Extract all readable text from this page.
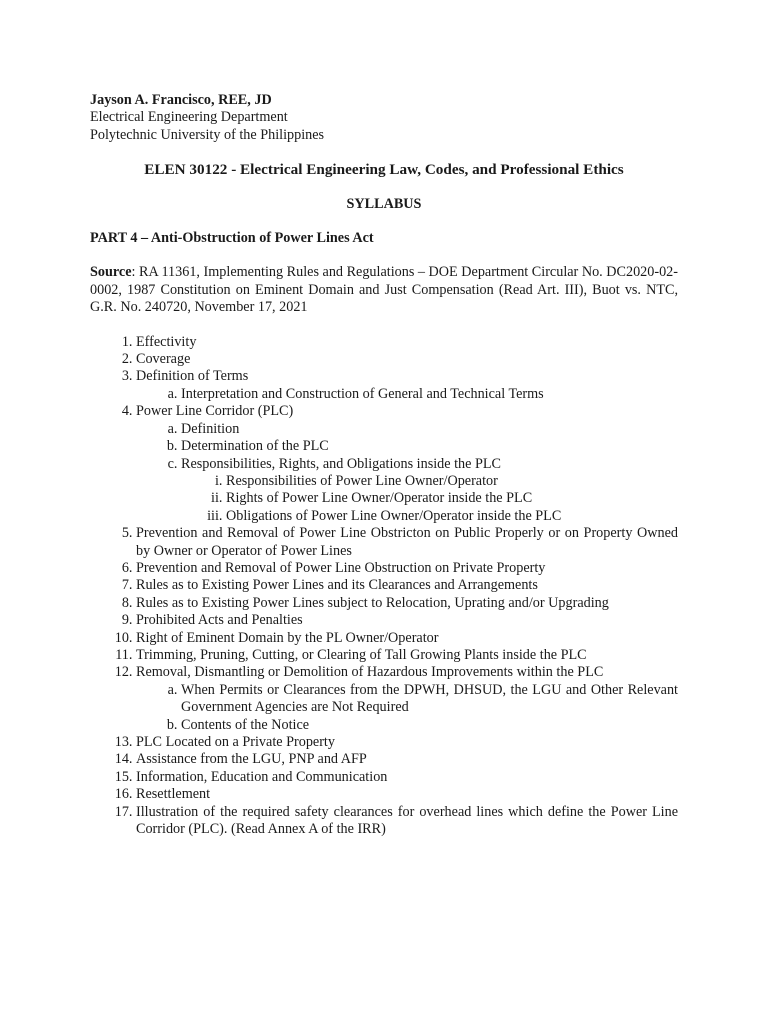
Jayson A. Francisco, REE, JD
Electrical Engineering Department
Polytechnic University of the Philippines
ELEN 30122 - Electrical Engineering Law, Codes, and Professional Ethics
SYLLABUS
PART 4 – Anti-Obstruction of Power Lines Act
Source: RA 11361, Implementing Rules and Regulations – DOE Department Circular No. DC2020-02-0002, 1987 Constitution on Eminent Domain and Just Compensation (Read Art. III), Buot vs. NTC, G.R. No. 240720, November 17, 2021
1. Effectivity
2. Coverage
3. Definition of Terms
a. Interpretation and Construction of General and Technical Terms
4. Power Line Corridor (PLC)
a. Definition
b. Determination of the PLC
c. Responsibilities, Rights, and Obligations inside the PLC
i. Responsibilities of Power Line Owner/Operator
ii. Rights of Power Line Owner/Operator inside the PLC
iii. Obligations of Power Line Owner/Operator inside the PLC
5. Prevention and Removal of Power Line Obstricton on Public Properly or on Property Owned by Owner or Operator of Power Lines
6. Prevention and Removal of Power Line Obstruction on Private Property
7. Rules as to Existing Power Lines and its Clearances and Arrangements
8. Rules as to Existing Power Lines subject to Relocation, Uprating and/or Upgrading
9. Prohibited Acts and Penalties
10. Right of Eminent Domain by the PL Owner/Operator
11. Trimming, Pruning, Cutting, or Clearing of Tall Growing Plants inside the PLC
12. Removal, Dismantling or Demolition of Hazardous Improvements within the PLC
a. When Permits or Clearances from the DPWH, DHSUD, the LGU and Other Relevant Government Agencies are Not Required
b. Contents of the Notice
13. PLC Located on a Private Property
14. Assistance from the LGU, PNP and AFP
15. Information, Education and Communication
16. Resettlement
17. Illustration of the required safety clearances for overhead lines which define the Power Line Corridor (PLC). (Read Annex A of the IRR)
